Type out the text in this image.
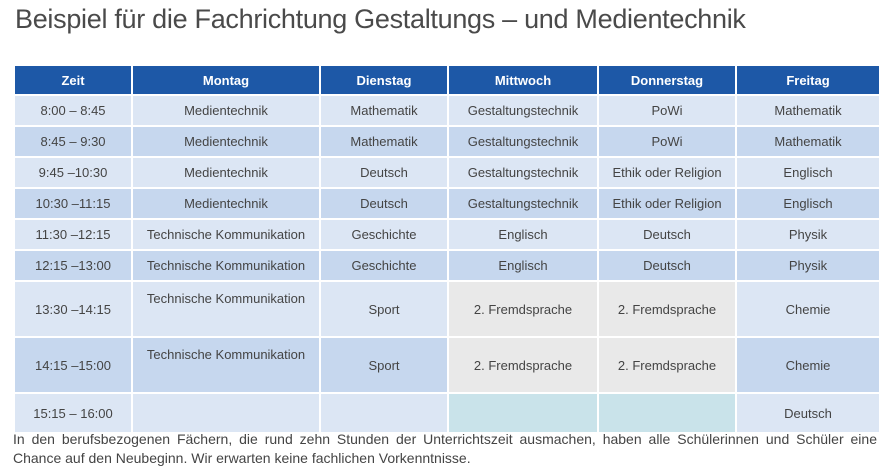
Beispiel für die Fachrichtung Gestaltungs – und Medientechnik
Zeit	Montag	Dienstag	Mittwoch	Donnerstag	Freitag
8:00 – 8:45	Medientechnik	Mathematik	Gestaltungstechnik	PoWi	Mathematik
8:45 – 9:30	Medientechnik	Mathematik	Gestaltungstechnik	PoWi	Mathematik
9:45 –10:30	Medientechnik	Deutsch	Gestaltungstechnik	Ethik oder Religion	Englisch
10:30 –11:15	Medientechnik	Deutsch	Gestaltungstechnik	Ethik oder Religion	Englisch
11:30 –12:15	Technische Kommunikation	Geschichte	Englisch	Deutsch	Physik
12:15 –13:00	Technische Kommunikation	Geschichte	Englisch	Deutsch	Physik
13:30 –14:15	Technische Kommunikation	Sport	2. Fremdsprache	2. Fremdsprache	Chemie
14:15 –15:00	Technische Kommunikation	Sport	2. Fremdsprache	2. Fremdsprache	Chemie
15:15 – 16:00					Deutsch
In den berufsbezogenen Fächern, die rund zehn Stunden der Unterrichtszeit ausmachen, haben alle Schülerinnen und Schüler eine Chance auf den Neubeginn. Wir erwarten keine fachlichen Vorkenntnisse.
